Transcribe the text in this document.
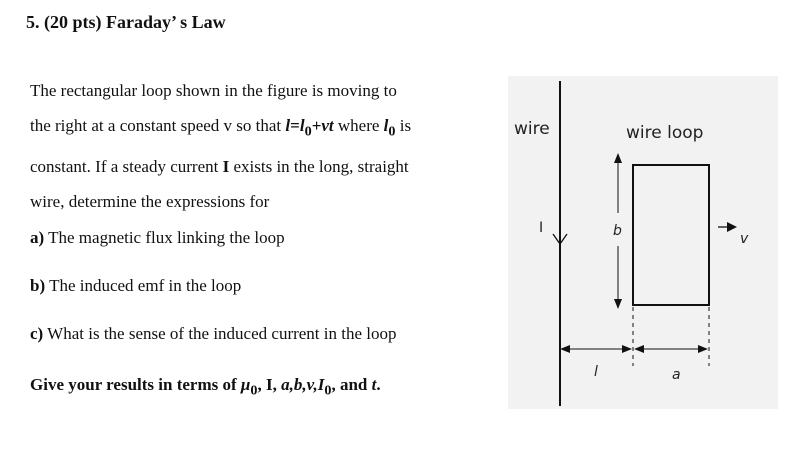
5. (20 pts) Faraday’ s Law
The rectangular loop shown in the figure is moving to
the right at a constant speed v so that $l=l_0+vt$ where $l_0$ is
constant. If a steady current I exists in the long, straight
wire, determine the expressions for
a) The magnetic flux linking the loop
b) The induced emf in the loop
c) What is the sense of the induced current in the loop
Give your results in terms of $\mu_0$, I, $a,b,v,I_0$, and t.
wire	wire loop
I	b	v
l	a
